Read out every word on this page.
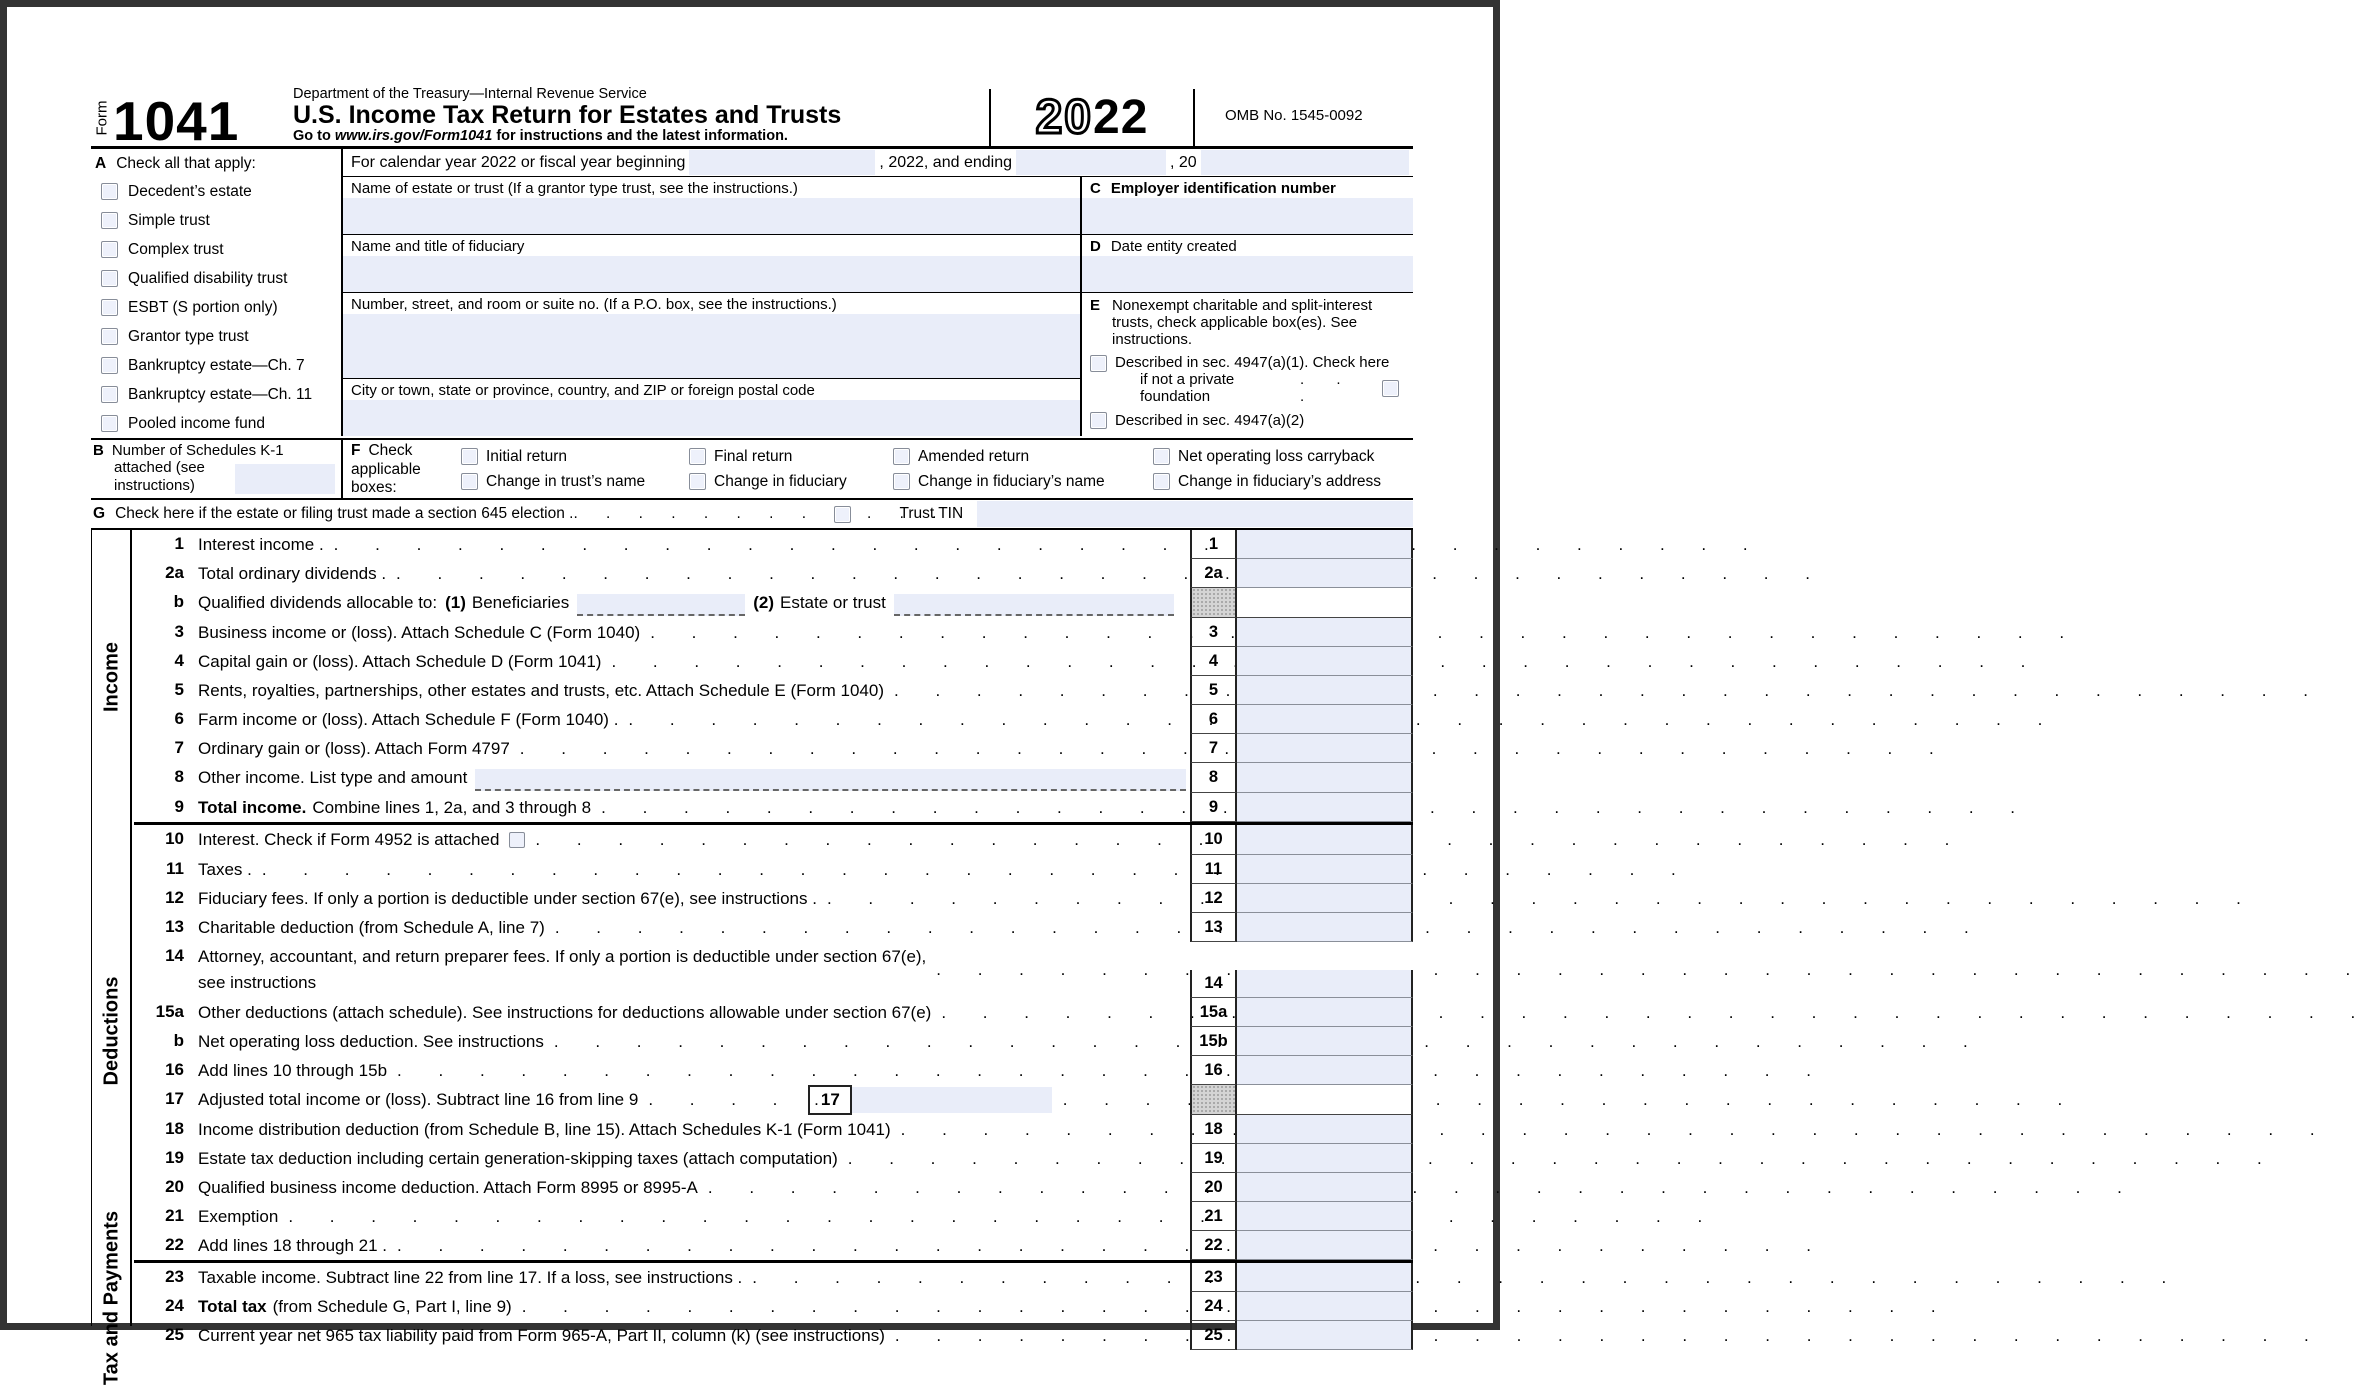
Form 1041	Department of the Treasury—Internal Revenue Service
U.S. Income Tax Return for Estates and Trusts
Go to www.irs.gov/Form1041 for instructions and the latest information.	20 22	OMB No. 1545-0092
A Check all that apply:
Decedent’s estate
Simple trust
Complex trust
Qualified disability trust
ESBT (S portion only)
Grantor type trust
Bankruptcy estate—Ch. 7
Bankruptcy estate—Ch. 11
Pooled income fund
For calendar year 2022 or fiscal year beginning	, 2022, and ending	, 20
Name of estate or trust (If a grantor type trust, see the instructions.)
Name and title of fiduciary
Number, street, and room or suite no. (If a P.O. box, see the instructions.)
City or town, state or province, country, and ZIP or foreign postal code
C Employer identification number
D Date entity created
E Nonexempt charitable and split-interest trusts, check applicable box(es). See instructions.
Described in sec. 4947(a)(1). Check here
if not a private foundation
. . .
Described in sec. 4947(a)(2)
B Number of Schedules K-1
attached (see
instructions)
F Check applicable boxes:
Initial return	Final return	Amended return	Net operating loss carryback
Change in trust’s name	Change in fiduciary	Change in fiduciary’s name	Change in fiduciary’s address
G Check here if the estate or filing trust made a section 645 election . . .	Trust TIN
Income
Deductions
Tax and Payments
1 Interest income . . .	1
2a Total ordinary dividends . . .	2a
b Qualified dividends allocable to: (1) Beneficiaries	(2) Estate or trust
3 Business income or (loss). Attach Schedule C (Form 1040) . .	3
4 Capital gain or (loss). Attach Schedule D (Form 1041) . .	4
5 Rents, royalties, partnerships, other estates and trusts, etc. Attach Schedule E (Form 1040) . .	5
6 Farm income or (loss). Attach Schedule F (Form 1040) . . .	6
7 Ordinary gain or (loss). Attach Form 4797 . .	7
8 Other income. List type and amount	8
9 Total income. Combine lines 1, 2a, and 3 through 8 . .	9
10 Interest. Check if Form 4952 is attached . .	10
11 Taxes . . .	11
12 Fiduciary fees. If only a portion is deductible under section 67(e), see instructions . . .	12
13 Charitable deduction (from Schedule A, line 7) . .	13
14 Attorney, accountant, and return preparer fees. If only a portion is deductible under section 67(e),
see instructions
. .	14
15a Other deductions (attach schedule). See instructions for deductions allowable under section 67(e) . .	15a
b Net operating loss deduction. See instructions . .	15b
16 Add lines 10 through 15b . .	16
17 Adjusted total income or (loss). Subtract line 16 from line 9 . .	17
18 Income distribution deduction (from Schedule B, line 15). Attach Schedules K-1 (Form 1041) . .	18
19 Estate tax deduction including certain generation-skipping taxes (attach computation) . .	19
20 Qualified business income deduction. Attach Form 8995 or 8995-A . .	20
21 Exemption . .	21
22 Add lines 18 through 21 . . .	22
23 Taxable income. Subtract line 22 from line 17. If a loss, see instructions . . .	23
24 Total tax (from Schedule G, Part I, line 9) . .	24
25 Current year net 965 tax liability paid from Form 965-A, Part II, column (k) (see instructions) . .	25
